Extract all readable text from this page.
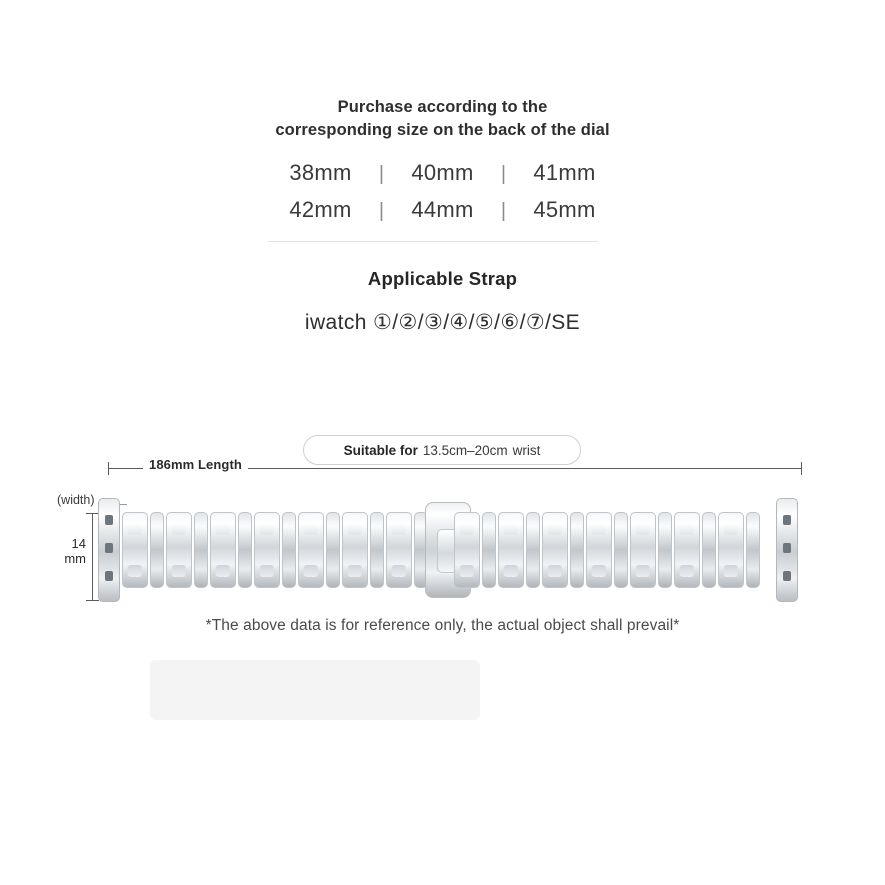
Purchase according to the
corresponding size on the back of the dial
38mm	|	40mm	|	41mm
42mm	|	44mm	|	45mm
Applicable Strap
iwatch ①/②/③/④/⑤/⑥/⑦/SE
Suitable for 13.5cm–20cm wrist
186mm Length
(width)
14
mm
*The above data is for reference only, the actual object shall prevail*
